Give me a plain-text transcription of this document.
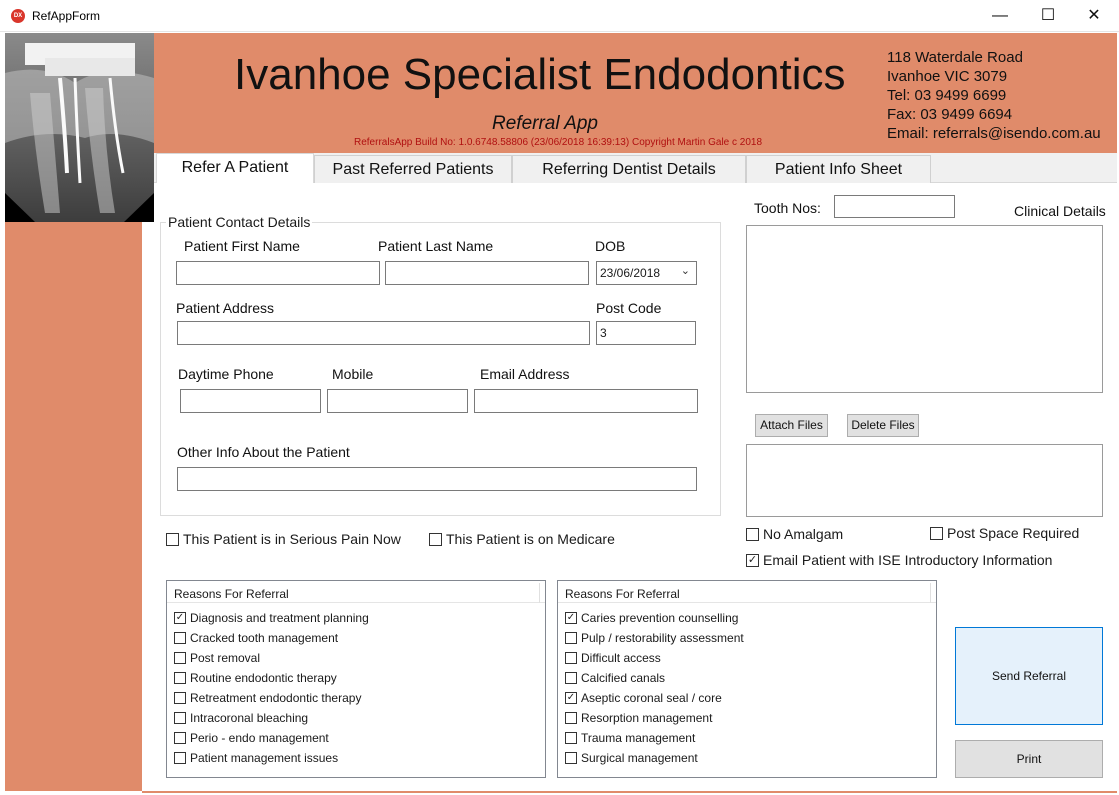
DX RefAppForm	—	☐	✕
Ivanhoe Specialist Endodontics
Referral App
ReferralsApp Build No: 1.0.6748.58806 (23/06/2018 16:39:13) Copyright Martin Gale c 2018
118 Waterdale Road
Ivanhoe VIC 3079
Tel: 03 9499 6699
Fax: 03 9499 6694
Email: referrals@isendo.com.au
Refer A Patient	Past Referred Patients	Referring Dentist Details	Patient Info Sheet
Patient Contact Details
Patient First Name	Patient Last Name	DOB
23/06/2018 ⌄
Patient Address	Post Code
3
Daytime Phone	Mobile	Email Address
Other Info About the Patient
This Patient is in Serious Pain Now	This Patient is on Medicare
Tooth Nos:	Clinical Details
Attach Files	Delete Files
No Amalgam	Post Space Required
✓ Email Patient with ISE Introductory Information
Reasons For Referral
✓ Diagnosis and treatment planning
Cracked tooth management
Post removal
Routine endodontic therapy
Retreatment endodontic therapy
Intracoronal bleaching
Perio - endo management
Patient management issues
Reasons For Referral
✓ Caries prevention counselling
Pulp / restorability assessment
Difficult access
Calcified canals
✓ Aseptic coronal seal / core
Resorption management
Trauma management
Surgical management
Send Referral
Print
